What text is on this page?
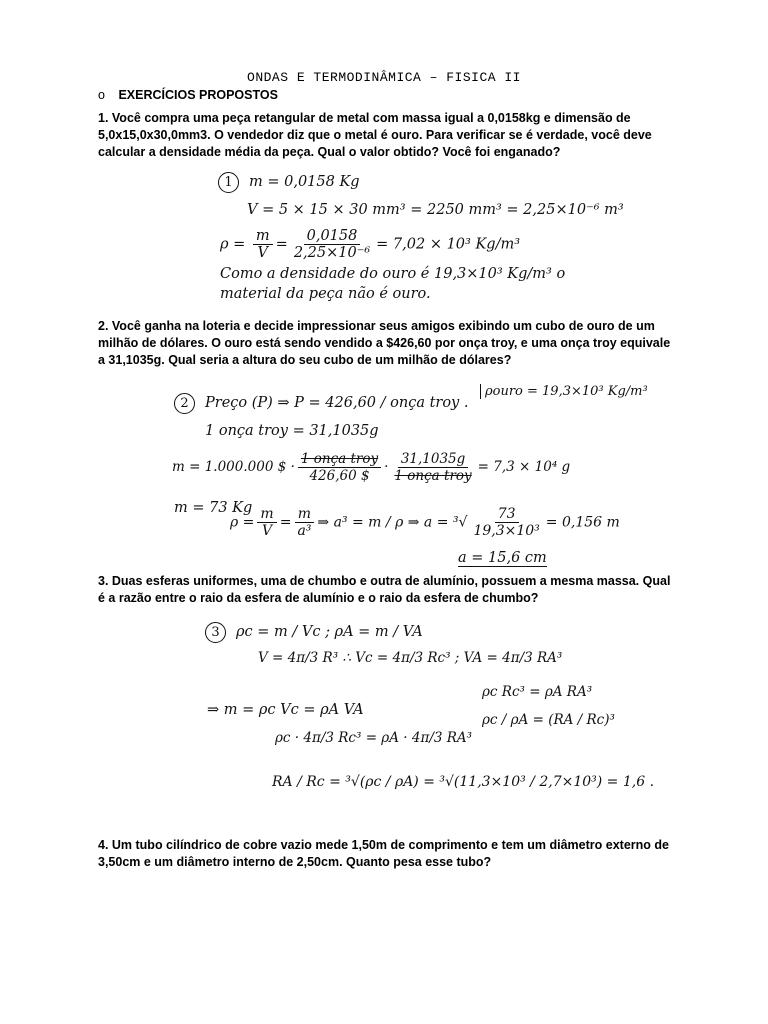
ONDAS E TERMODINÂMICA – FISICA II
o EXERCÍCIOS PROPOSTOS
1. Você compra uma peça retangular de metal com massa igual a 0,0158kg e dimensão de 5,0x15,0x30,0mm3. O vendedor diz que o metal é ouro. Para verificar se é verdade, você deve calcular a densidade média da peça. Qual o valor obtido? Você foi enganado?
1 m = 0,0158 Kg
V = 5 × 15 × 30 mm³ = 2250 mm³ = 2,25×10⁻⁶ m³
$\rho = \frac{m}{V} = \frac{0,0158}{\text{2,25×10⁻⁶}} = 7,02 \times 10^3$ Kg/m³
Como a densidade do ouro é 19,3×10³ Kg/m³ o
material da peça não é ouro.
2. Você ganha na loteria e decide impressionar seus amigos exibindo um cubo de ouro de um milhão de dólares. O ouro está sendo vendido a $426,60 por onça troy, e uma onça troy equivale a 31,1035g. Qual seria a altura do seu cubo de um milhão de dólares?
2 Preço (P) ⇒ P = 426,60 / onça troy .
ρouro = 19,3×10³ Kg/m³
1 onça troy = 31,1035g
m = 1.000.000 $ · $\frac{\text{1 onça troy}}{426,60 \$} \cdot \frac{31,1035g}{\text{1 onça troy}} = 7,3 \times 10^4$ g
m = 73 Kg
$\rho = \frac{m}{V} = \frac{m}{\text{a³}}$ ⇒ a³ = m / ρ ⇒ $a = ^3√ \frac{73}{\text{19,3×10³}} = 0,156$ m
a = 15,6 cm
3. Duas esferas uniformes, uma de chumbo e outra de alumínio, possuem a mesma massa. Qual é a razão entre o raio da esfera de alumínio e o raio da esfera de chumbo?
3 ρc = m / Vc ; ρA = m / VA
V = 4π/3 R³ ∴ Vc = 4π/3 Rc³ ; VA = 4π/3 RA³
⇒ m = ρc Vc = ρA VA
ρc · 4π/3 Rc³ = ρA · 4π/3 RA³
ρc Rc³ = ρA RA³
ρc / ρA = (RA / Rc)³
RA / Rc = ³√(ρc / ρA) = ³√(11,3×10³ / 2,7×10³) = 1,6 .
4. Um tubo cilíndrico de cobre vazio mede 1,50m de comprimento e tem um diâmetro externo de 3,50cm e um diâmetro interno de 2,50cm. Quanto pesa esse tubo?
